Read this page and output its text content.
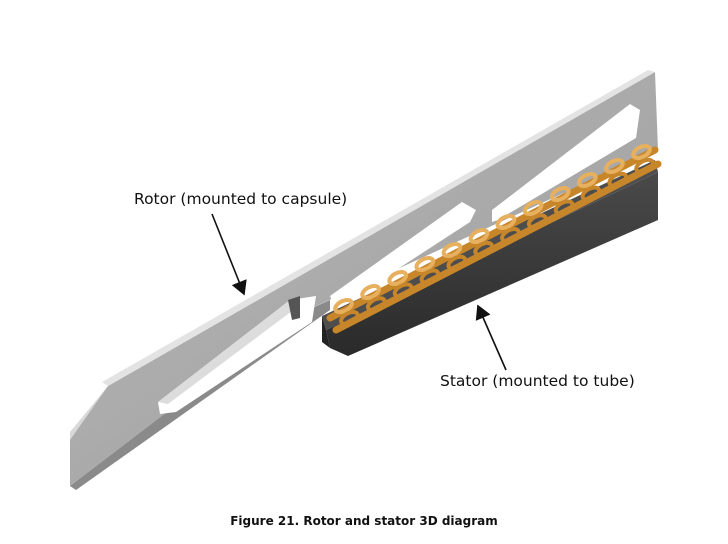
Rotor (mounted to capsule)
Stator (mounted to tube)
Figure 21. Rotor and stator 3D diagram
